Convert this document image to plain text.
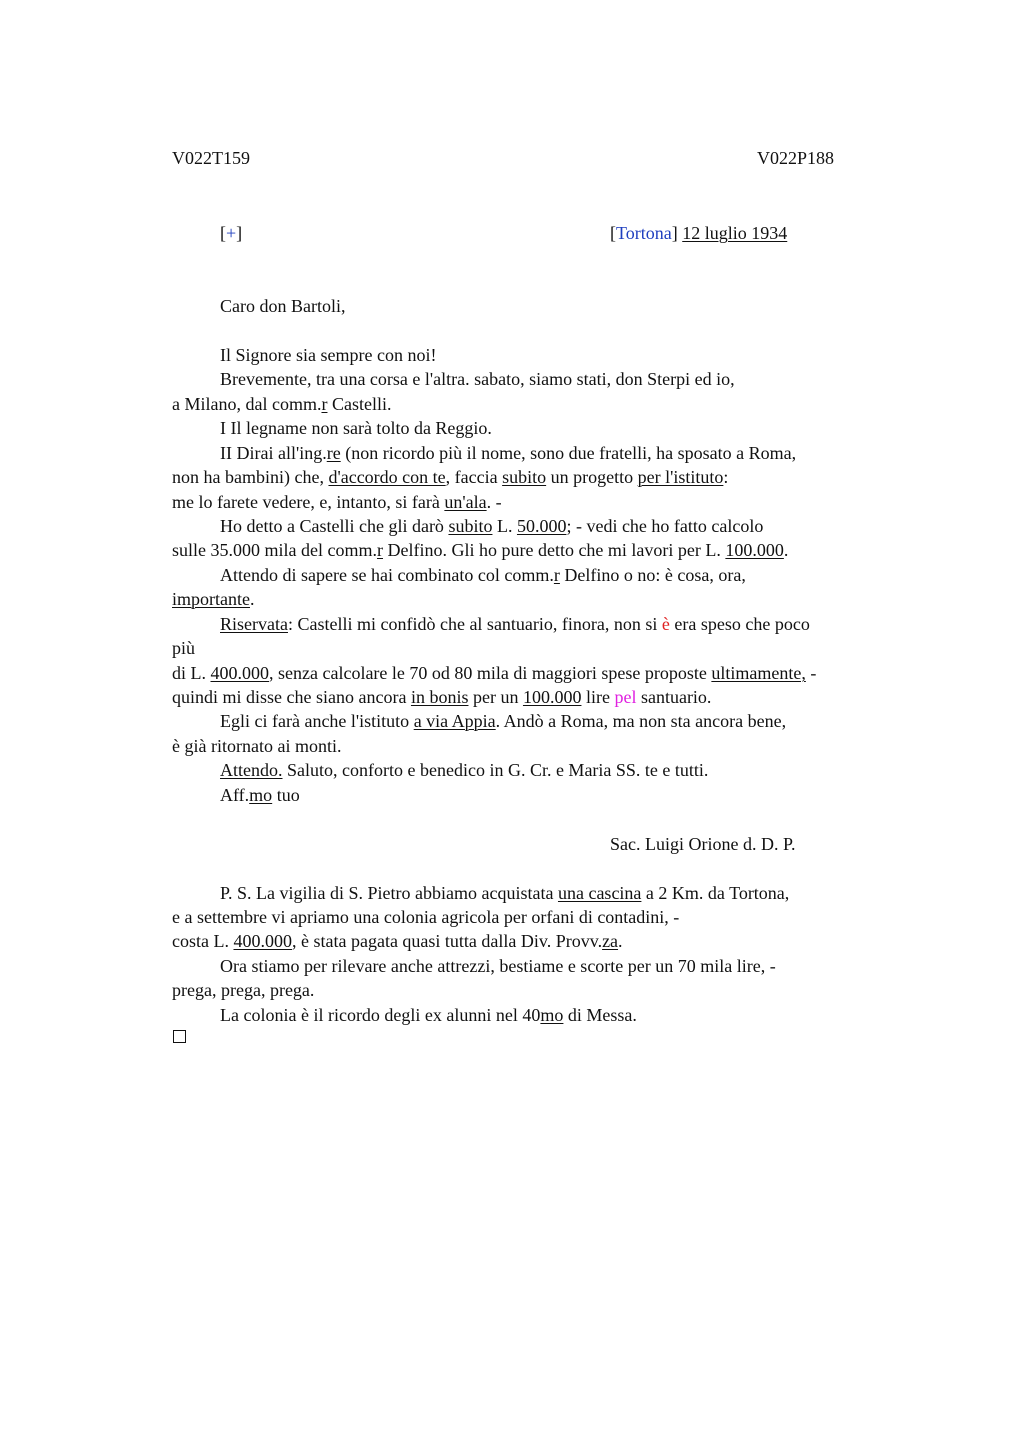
V022T159	V022P188
[+]	[Tortona] 12 luglio 1934
Caro don Bartoli,
Il Signore sia sempre con noi!
Brevemente, tra una corsa e l'altra. sabato, siamo stati, don Sterpi ed io,
a Milano, dal comm.r Castelli.
I Il legname non sarà tolto da Reggio.
II Dirai all'ing.re (non ricordo più il nome, sono due fratelli, ha sposato a Roma,
non ha bambini) che, d'accordo con te, faccia subito un progetto per l'istituto:
me lo farete vedere, e, intanto, si farà un'ala. -
Ho detto a Castelli che gli darò subito L. 50.000; - vedi che ho fatto calcolo
sulle 35.000 mila del comm.r Delfino. Gli ho pure detto che mi lavori per L. 100.000.
Attendo di sapere se hai combinato col comm.r Delfino o no: è cosa, ora,
importante.
Riservata: Castelli mi confidò che al santuario, finora, non si è era speso che poco
più
di L. 400.000, senza calcolare le 70 od 80 mila di maggiori spese proposte ultimamente, -
quindi mi disse che siano ancora in bonis per un 100.000 lire pel santuario.
Egli ci farà anche l'istituto a via Appia. Andò a Roma, ma non sta ancora bene,
è già ritornato ai monti.
Attendo. Saluto, conforto e benedico in G. Cr. e Maria SS. te e tutti.
Aff.mo tuo
Sac. Luigi Orione d. D. P.
P. S. La vigilia di S. Pietro abbiamo acquistata una cascina a 2 Km. da Tortona,
e a settembre vi apriamo una colonia agricola per orfani di contadini, -
costa L. 400.000, è stata pagata quasi tutta dalla Div. Provv.za.
Ora stiamo per rilevare anche attrezzi, bestiame e scorte per un 70 mila lire, -
prega, prega, prega.
La colonia è il ricordo degli ex alunni nel 40mo di Messa.
